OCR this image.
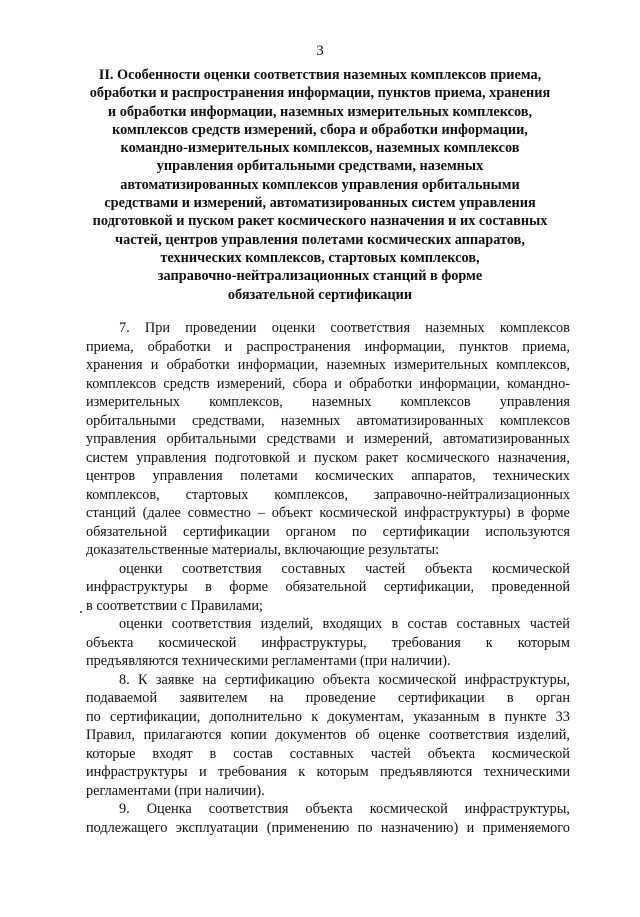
3
II. Особенности оценки соответствия наземных комплексов приема,
обработки и распространения информации, пунктов приема, хранения
и обработки информации, наземных измерительных комплексов,
комплексов средств измерений, сбора и обработки информации,
командно-измерительных комплексов, наземных комплексов
управления орбитальными средствами, наземных
автоматизированных комплексов управления орбитальными
средствами и измерений, автоматизированных систем управления
подготовкой и пуском ракет космического назначения и их составных
частей, центров управления полетами космических аппаратов,
технических комплексов, стартовых комплексов,
заправочно-нейтрализационных станций в форме
обязательной сертификации
7. При проведении оценки соответствия наземных комплексов
приема, обработки и распространения информации, пунктов приема,
хранения и обработки информации, наземных измерительных комплексов,
комплексов средств измерений, сбора и обработки информации, командно-
измерительных комплексов, наземных комплексов управления
орбитальными средствами, наземных автоматизированных комплексов
управления орбитальными средствами и измерений, автоматизированных
систем управления подготовкой и пуском ракет космического назначения,
центров управления полетами космических аппаратов, технических
комплексов, стартовых комплексов, заправочно-нейтрализационных
станций (далее совместно – объект космической инфраструктуры) в форме
обязательной сертификации органом по сертификации используются
доказательственные материалы, включающие результаты:
оценки соответствия составных частей объекта космической
инфраструктуры в форме обязательной сертификации, проведенной
в соответствии с Правилами;
оценки соответствия изделий, входящих в состав составных частей
объекта космической инфраструктуры, требования к которым
предъявляются техническими регламентами (при наличии).
8. К заявке на сертификацию объекта космической инфраструктуры,
подаваемой заявителем на проведение сертификации в орган
по сертификации, дополнительно к документам, указанным в пункте 33
Правил, прилагаются копии документов об оценке соответствия изделий,
которые входят в состав составных частей объекта космической
инфраструктуры и требования к которым предъявляются техническими
регламентами (при наличии).
9. Оценка соответствия объекта космической инфраструктуры,
подлежащего эксплуатации (применению по назначению) и применяемого
